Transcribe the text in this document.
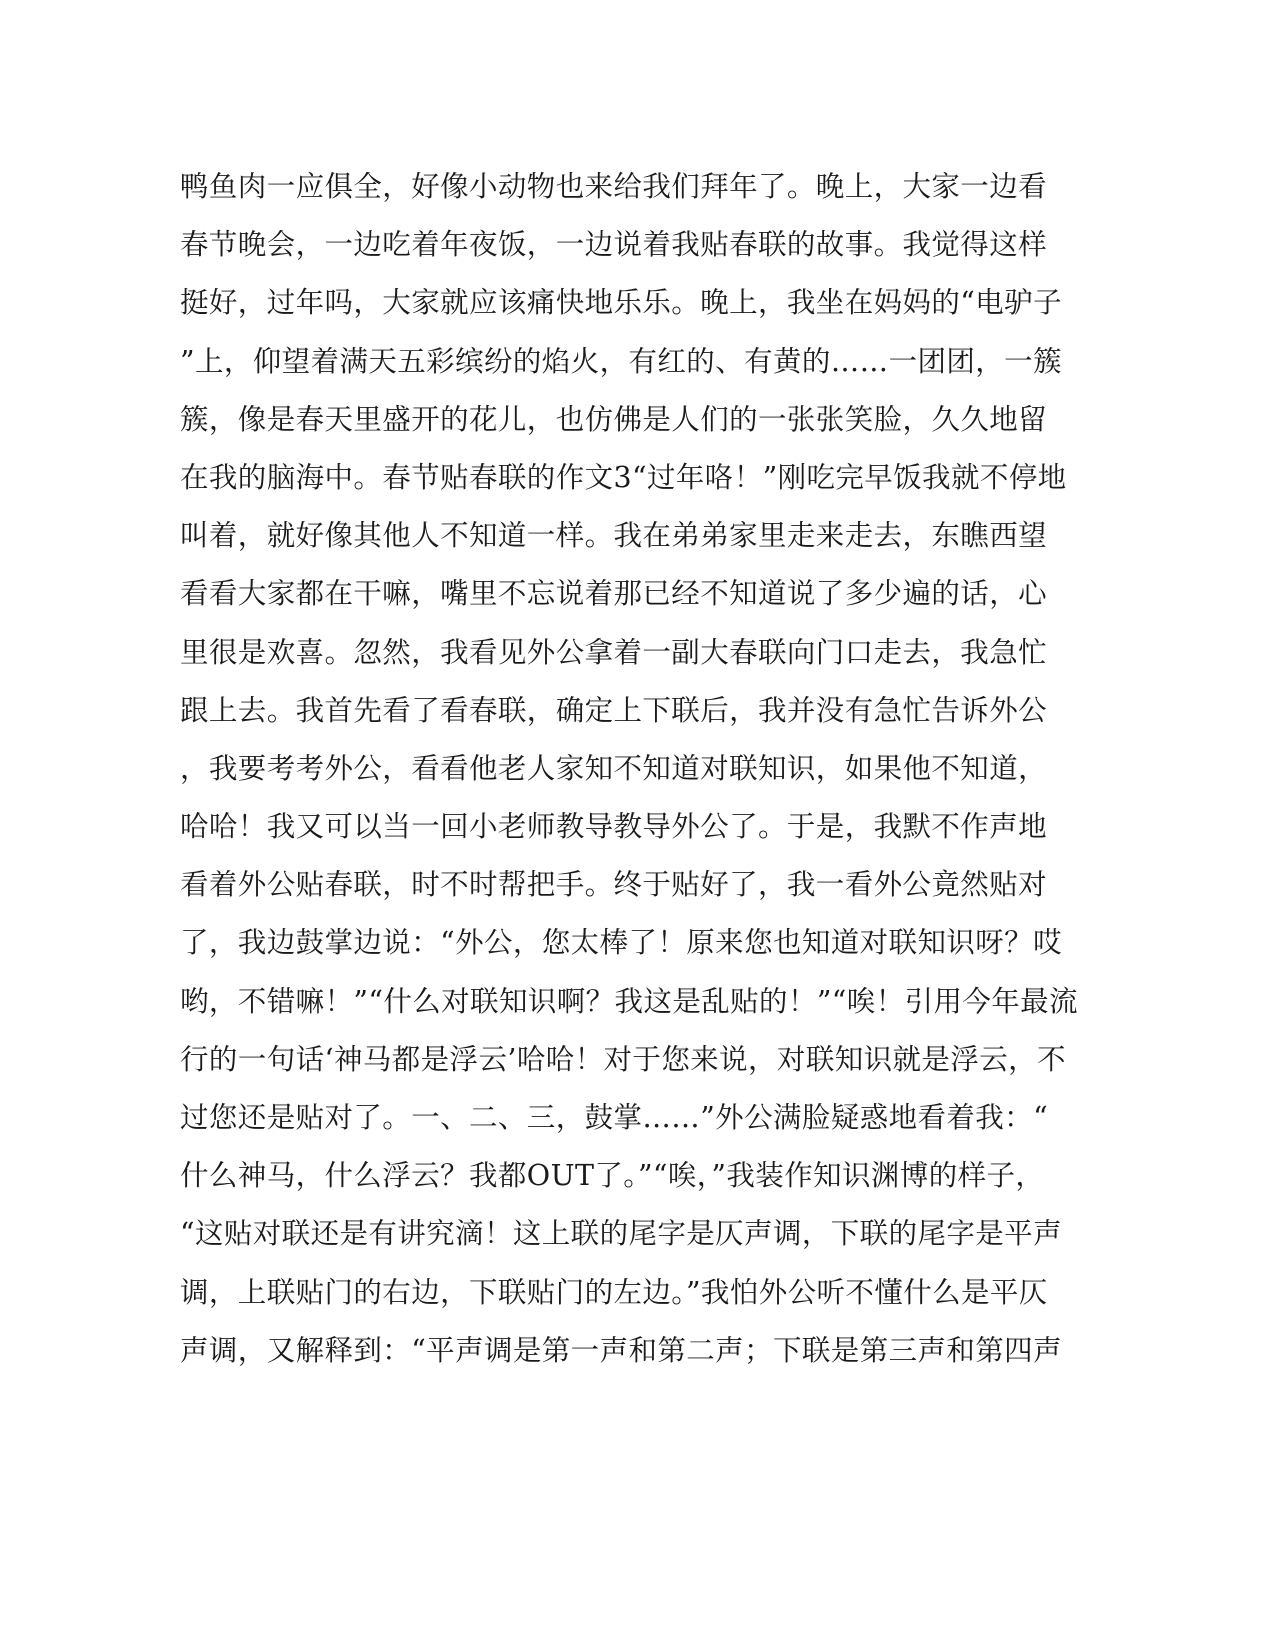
鸭鱼肉一应俱全，好像小动物也来给我们拜年了。晚上，大家一边看
春节晚会，一边吃着年夜饭，一边说着我贴春联的故事。我觉得这样
挺好，过年吗，大家就应该痛快地乐乐。晚上，我坐在妈妈的“电驴子
”上，仰望着满天五彩缤纷的焰火，有红的、有黄的……一团团，一簇
簇，像是春天里盛开的花儿，也仿佛是人们的一张张笑脸，久久地留
在我的脑海中。春节贴春联的作文3“过年咯！”刚吃完早饭我就不停地
叫着，就好像其他人不知道一样。我在弟弟家里走来走去，东瞧西望
看看大家都在干嘛，嘴里不忘说着那已经不知道说了多少遍的话，心
里很是欢喜。忽然，我看见外公拿着一副大春联向门口走去，我急忙
跟上去。我首先看了看春联，确定上下联后，我并没有急忙告诉外公
，我要考考外公，看看他老人家知不知道对联知识，如果他不知道，
哈哈！我又可以当一回小老师教导教导外公了。于是，我默不作声地
看着外公贴春联，时不时帮把手。终于贴好了，我一看外公竟然贴对
了，我边鼓掌边说：“外公，您太棒了！原来您也知道对联知识呀？哎
哟，不错嘛！”“什么对联知识啊？我这是乱贴的！”“唉！引用今年最流
行的一句话‘神马都是浮云’哈哈！对于您来说，对联知识就是浮云，不
过您还是贴对了。一、二、三，鼓掌……”外公满脸疑惑地看着我：“
什么神马，什么浮云？我都OUT了。”“唉，”我装作知识渊博的样子，
“这贴对联还是有讲究滴！这上联的尾字是仄声调，下联的尾字是平声
调，上联贴门的右边，下联贴门的左边。”我怕外公听不懂什么是平仄
声调，又解释到：“平声调是第一声和第二声；下联是第三声和第四声
